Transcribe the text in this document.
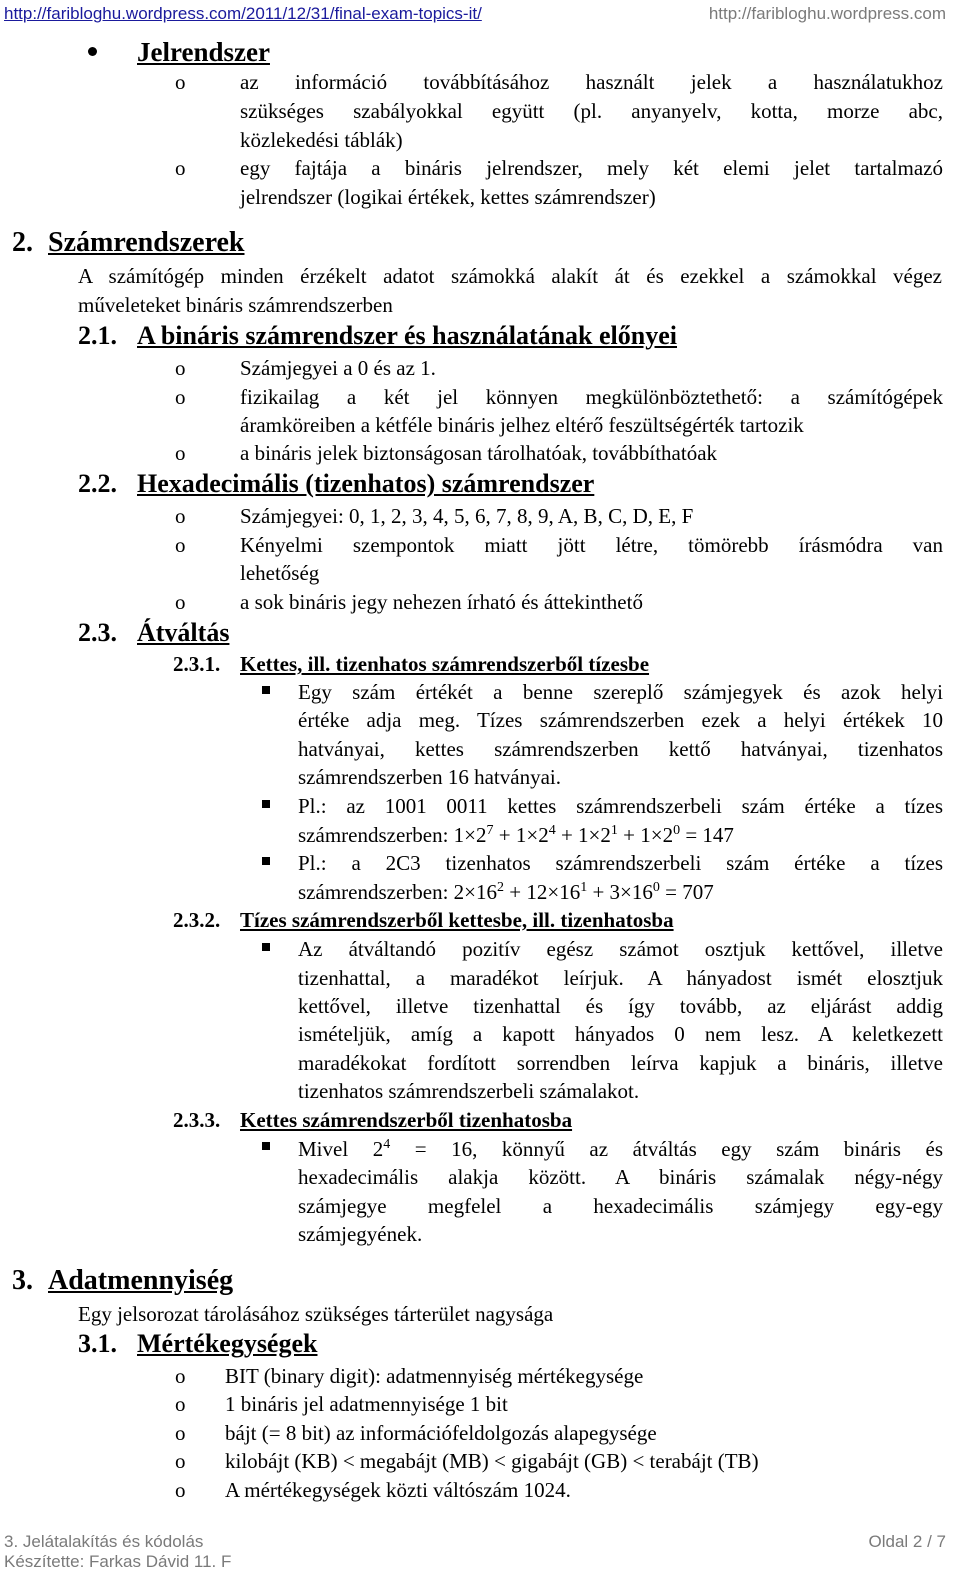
http://faribloghu.wordpress.com/2011/12/31/final-exam-topics-it/	http://faribloghu.wordpress.com
Jelrendszer
o	az információ továbbításához használt jelek a használatukhoz
szükséges szabályokkal együtt (pl. anyanyelv, kotta, morze abc,
közlekedési táblák)
o	egy fajtája a bináris jelrendszer, mely két elemi jelet tartalmazó
jelrendszer (logikai értékek, kettes számrendszer)
2. Számrendszerek
A számítógép minden érzékelt adatot számokká alakít át és ezekkel a számokkal végez
műveleteket bináris számrendszerben
2.1. A bináris számrendszer és használatának előnyei
o	Számjegyei a 0 és az 1.
o	fizikailag a két jel könnyen megkülönböztethető: a számítógépek
áramköreiben a kétféle bináris jelhez eltérő feszültségérték tartozik
o	a bináris jelek biztonságosan tárolhatóak, továbbíthatóak
2.2. Hexadecimális (tizenhatos) számrendszer
o	Számjegyei: 0, 1, 2, 3, 4, 5, 6, 7, 8, 9, A, B, C, D, E, F
o	Kényelmi szempontok miatt jött létre, tömörebb írásmódra van
lehetőség
o	a sok bináris jegy nehezen írható és áttekinthető
2.3. Átváltás
2.3.1. Kettes, ill. tizenhatos számrendszerből tízesbe
Egy szám értékét a benne szereplő számjegyek és azok helyi
értéke adja meg. Tízes számrendszerben ezek a helyi értékek 10
hatványai, kettes számrendszerben kettő hatványai, tizenhatos
számrendszerben 16 hatványai.
Pl.: az 1001 0011 kettes számrendszerbeli szám értéke a tízes
számrendszerben: $1\times 2^7 + 1\times 2^4 + 1\times 2^1 + 1\times 2^0 = 147$
Pl.: a 2C3 tizenhatos számrendszerbeli szám értéke a tízes
számrendszerben: $2\times 16^2 + 12\times 16^1 + 3\times 16^0 = 707$
2.3.2. Tízes számrendszerből kettesbe, ill. tizenhatosba
Az átváltandó pozitív egész számot osztjuk kettővel, illetve
tizenhattal, a maradékot leírjuk. A hányadost ismét elosztjuk
kettővel, illetve tizenhattal és így tovább, az eljárást addig
ismételjük, amíg a kapott hányados 0 nem lesz. A keletkezett
maradékokat fordított sorrendben leírva kapjuk a bináris, illetve
tizenhatos számrendszerbeli számalakot.
2.3.3. Kettes számrendszerből tizenhatosba
Mivel $2^4 = 16$, könnyű az átváltás egy szám bináris és
hexadecimális alakja között. A bináris számalak négy-négy
számjegye megfelel a hexadecimális számjegy egy-egy
számjegyének.
3. Adatmennyiség
Egy jelsorozat tárolásához szükséges tárterület nagysága
3.1. Mértékegységek
o BIT (binary digit): adatmennyiség mértékegysége
o 1 bináris jel adatmennyisége 1 bit
o bájt (= 8 bit) az információfeldolgozás alapegysége
o kilobájt (KB) < megabájt (MB) < gigabájt (GB) < terabájt (TB)
o A mértékegységek közti váltószám 1024.
3. Jelátalakítás és kódolás	Oldal 2 / 7
Készítette: Farkas Dávid 11. F
